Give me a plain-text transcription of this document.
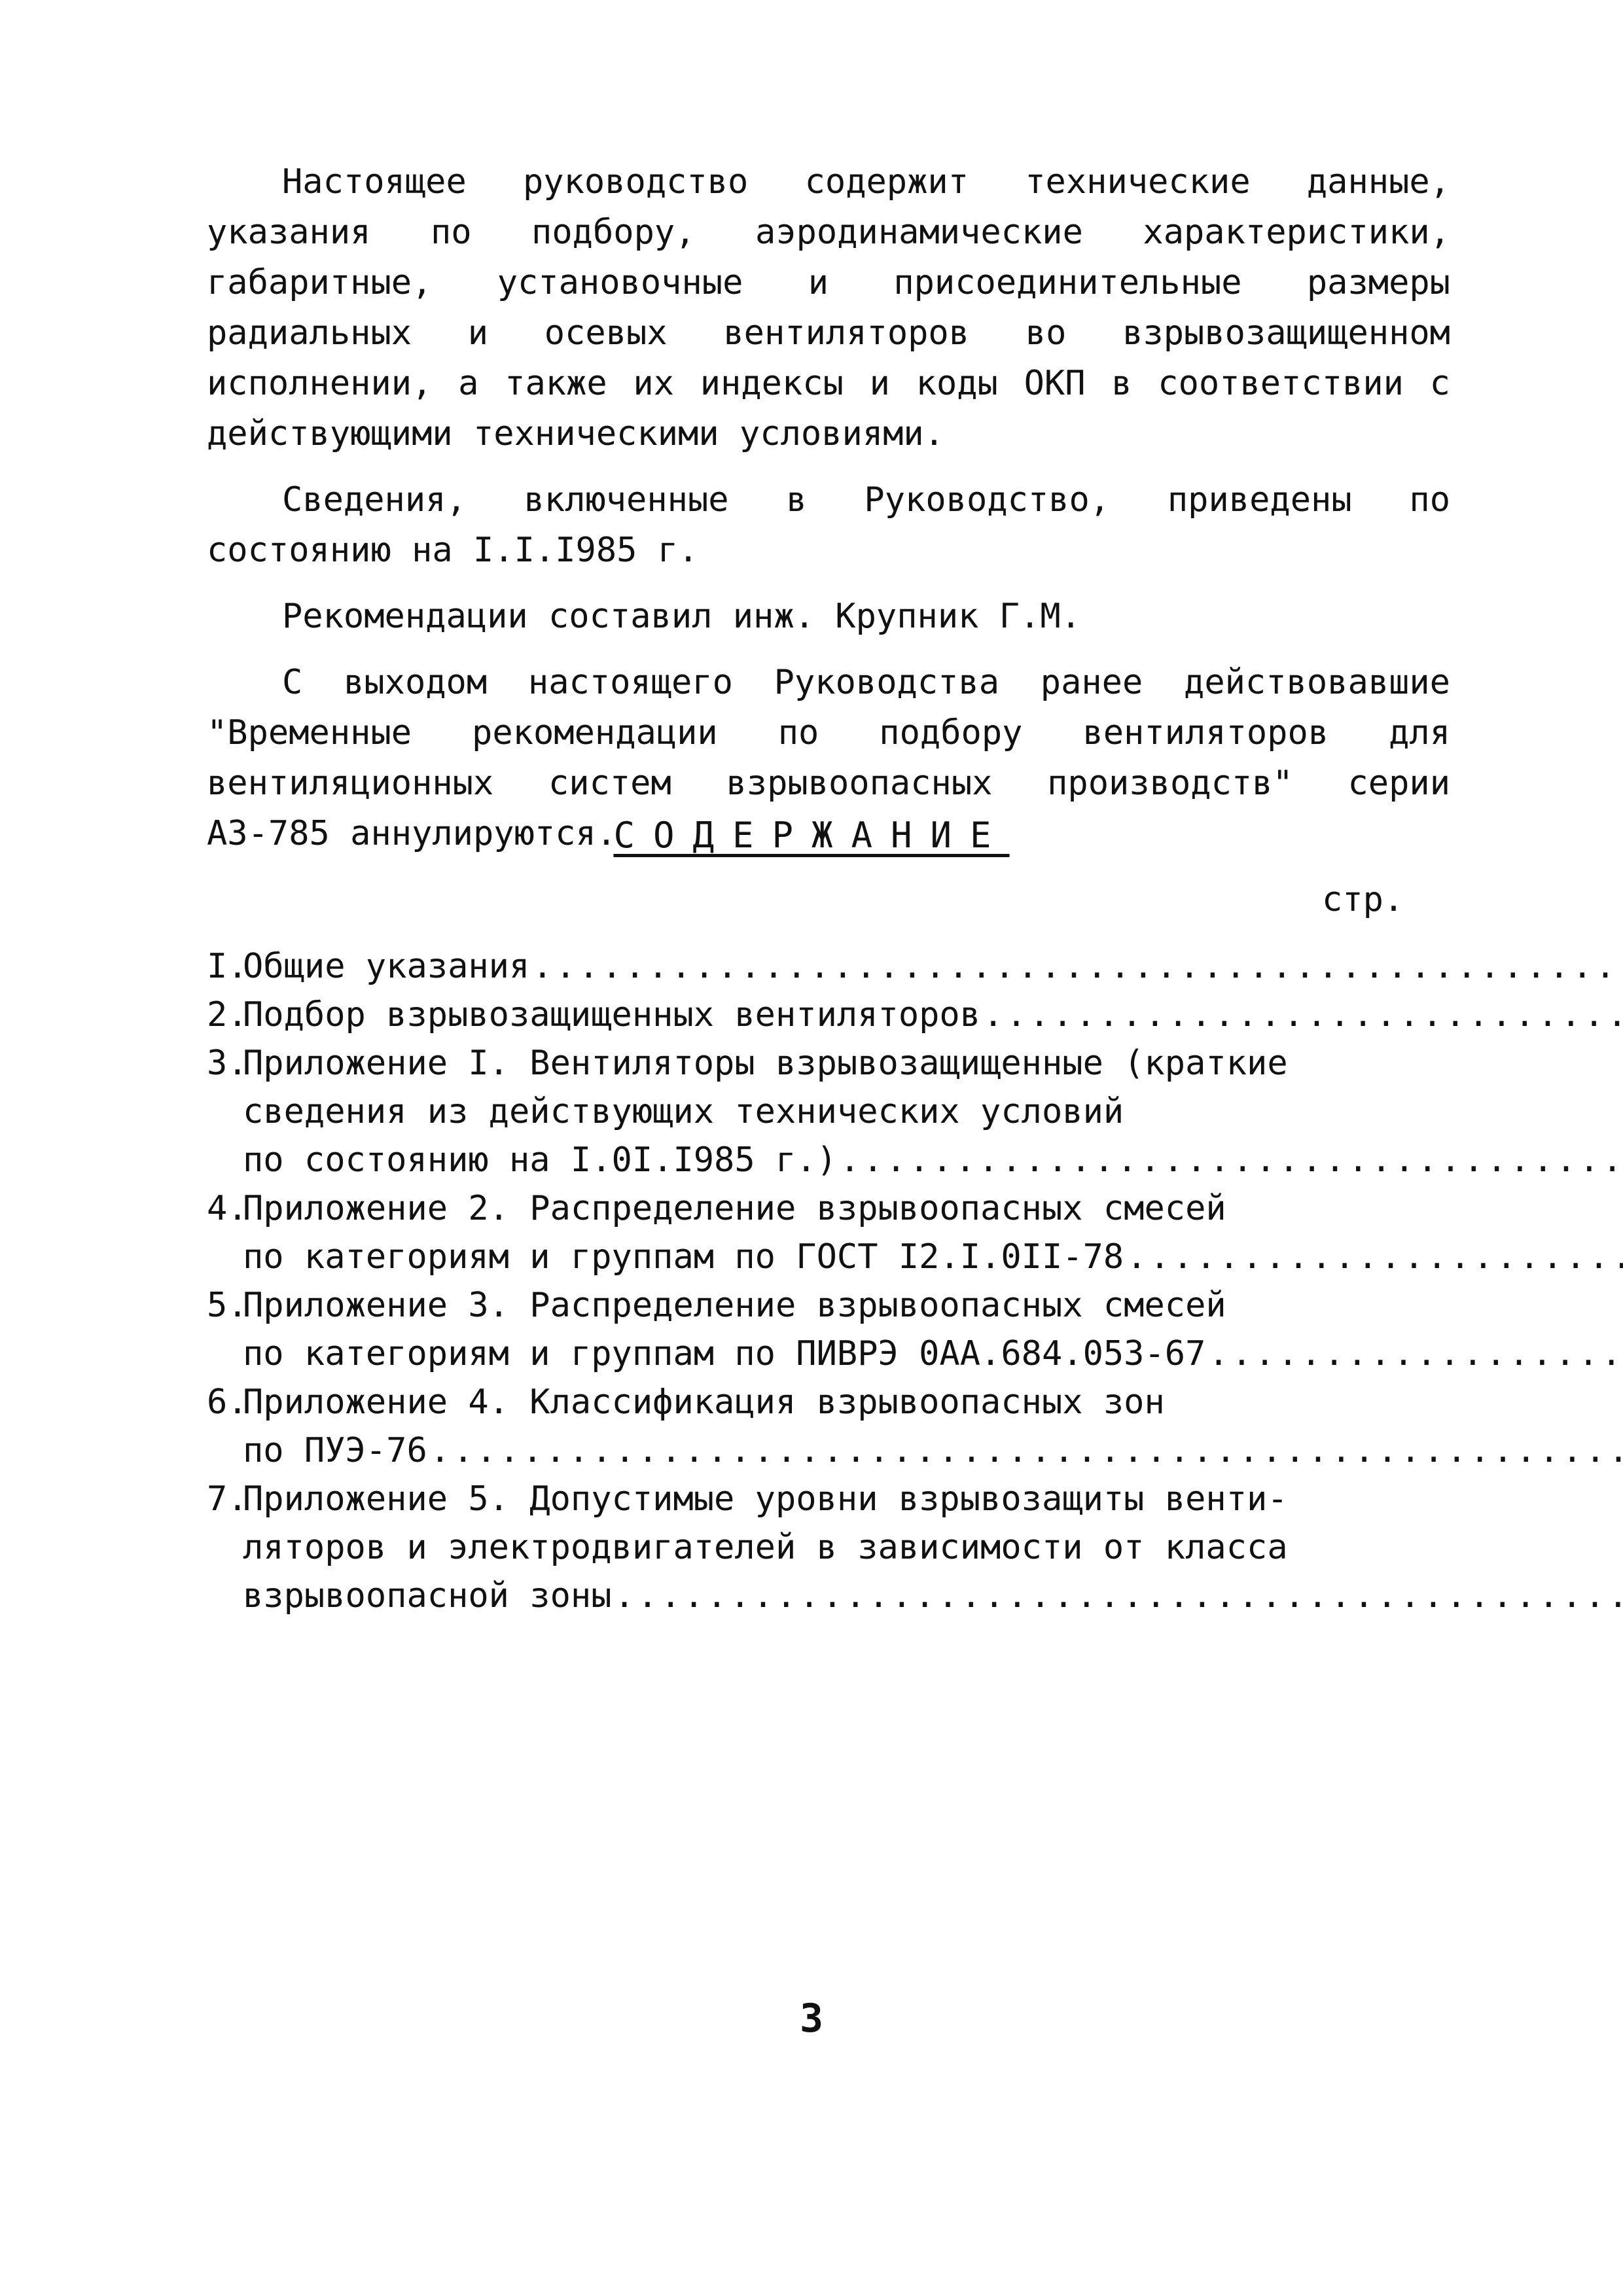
Настоящее руководство содержит технические данные, указания по подбору, аэродинамические характеристики, габаритные, установочные и присоединительные размеры радиальных и осевых вентиляторов во взрывозащищенном исполнении, а также их индексы и коды ОКП в соответствии с действующими техническими условиями.

Сведения, включенные в Руководство, приведены по состоянию на I.I.I985 г.

Рекомендации составил инж. Крупник Г.М.

С выходом настоящего Руководства ранее действовавшие "Временные рекомендации по подбору вентиляторов для вентиляционных систем взрывоопасных производств" серии АЗ-785 аннулируются.

СОДЕРЖАНИЕ
стр.
I.
Общие указания
.....
2.
Подбор взрывозащищенных вентиляторов
.....
3.
Приложение I. Вентиляторы взрывозащищенные (краткие
сведения из действующих технических условий
по состоянию на I.0I.I985 г.)
.....
4.
Приложение 2. Распределение взрывоопасных смесей
по категориям и группам по ГОСТ I2.I.0II-78
.....
5.
Приложение 3. Распределение взрывоопасных смесей
по категориям и группам по ПИВРЭ 0АА.684.053-67
.....
6.
Приложение 4. Классификация взрывоопасных зон
по ПУЭ-76
.....
7.
Приложение 5. Допустимые уровни взрывозащиты венти-
ляторов и электродвигателей в зависимости от класса
взрывоопасной зоны
.....
3
